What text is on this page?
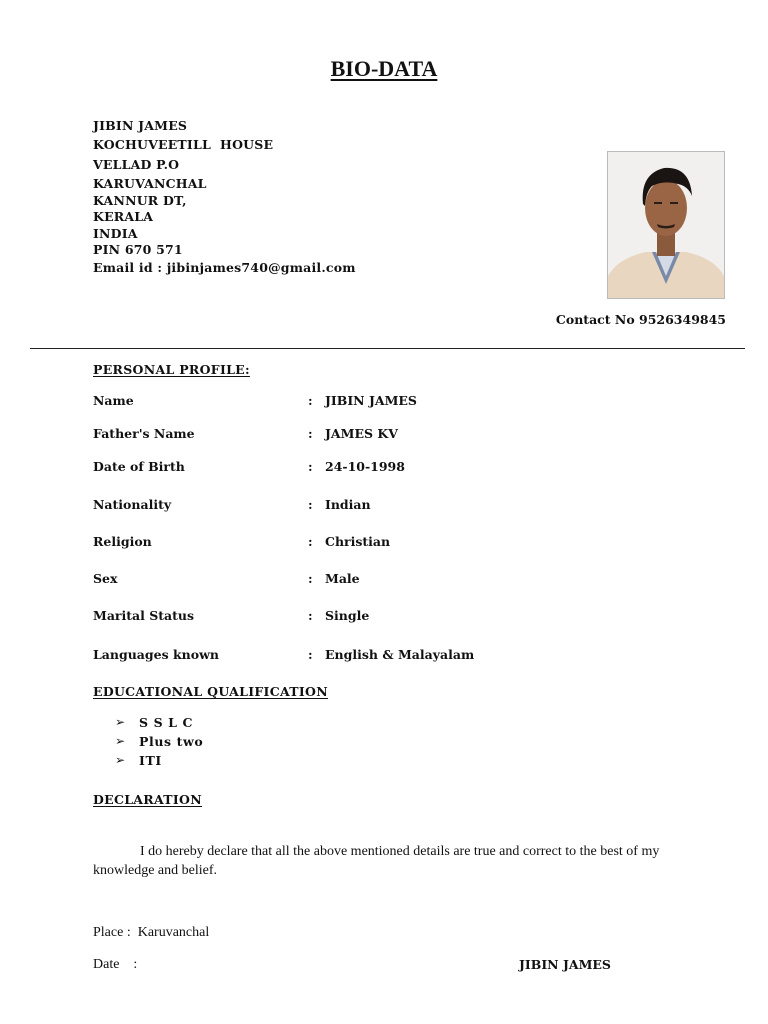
BIO-DATA
JIBIN JAMES
KOCHUVEETILL  HOUSE
VELLAD P.O
KARUVANCHAL
KANNUR DT,
KERALA
INDIA
PIN 670 571
Email id : jibinjames740@gmail.com
Contact No 9526349845
PERSONAL PROFILE:
Name	: JIBIN JAMES
Father's Name	: JAMES KV
Date of Birth	: 24-10-1998
Nationality	: Indian
Religion	: Christian
Sex	: Male
Marital Status	: Single
Languages known	: English & Malayalam
EDUCATIONAL QUALIFICATION
➢ S S L C
➢ Plus two
➢ ITI
DECLARATION
I do hereby declare that all the above mentioned details are true and correct to the best of my knowledge and belief.
Place :  Karuvanchal
Date    :	JIBIN JAMES
